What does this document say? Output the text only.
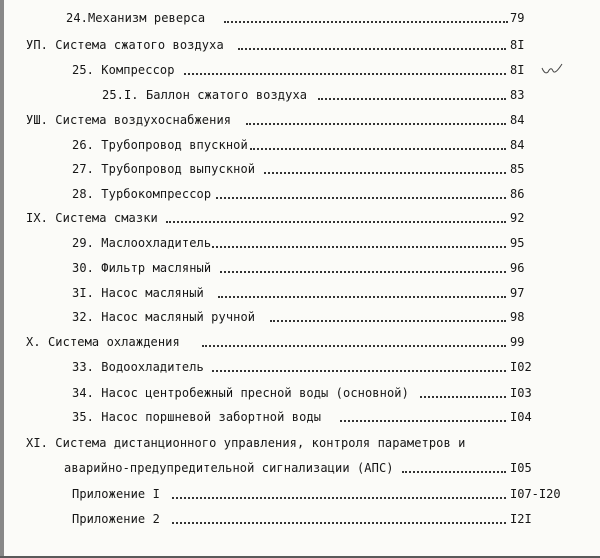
24.Механизм реверса	79
УП. Система сжатого воздуха	8I
25. Компрессор	8I
25.I. Баллон сжатого воздуха	83
УШ. Система воздухоснабжения	84
26. Трубопровод впускной	84
27. Трубопровод выпускной	85
28. Турбокомпрессор	86
IX. Система смазки	92
29. Маслоохладитель	95
30. Фильтр масляный	96
3I. Насос масляный	97
32. Насос масляный ручной	98
Х. Система охлаждения	99
33. Водоохладитель	I02
34. Насос центробежный пресной воды (основной)	I03
35. Насос поршневой забортной воды	I04
XI. Система дистанционного управления, контроля параметров и
аварийно-предупредительной сигнализации (АПС)	I05
Приложение I	I07-I20
Приложение 2	I2I
